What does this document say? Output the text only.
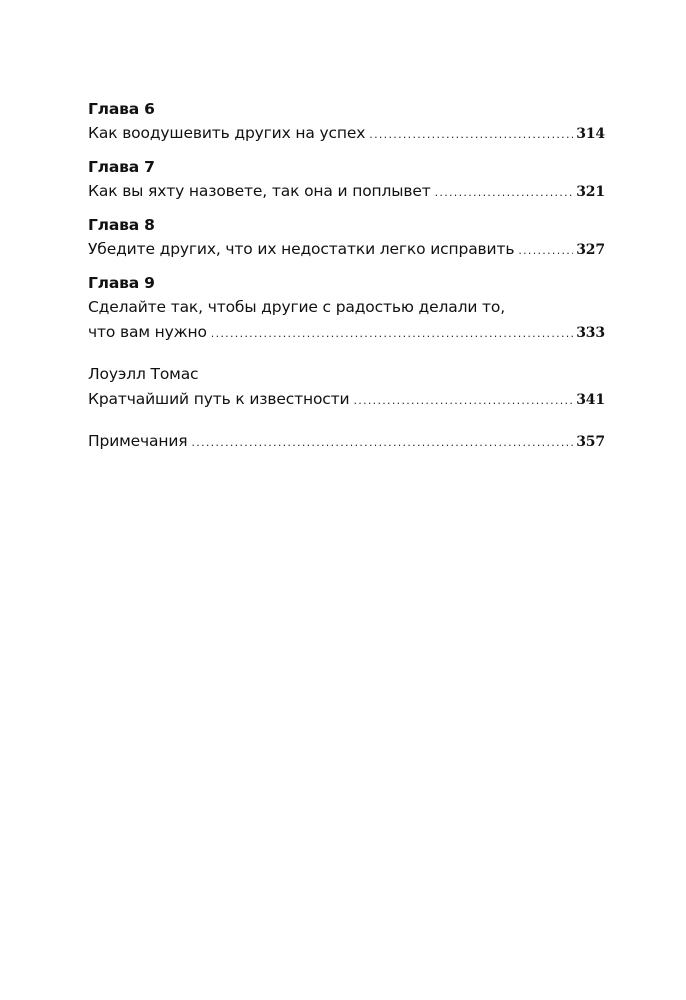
Глава 6
Как воодушевить других на успех .....	314
Глава 7
Как вы яхту назовете, так она и поплывет .....	321
Глава 8
Убедите других, что их недостатки легко исправить .....	327
Глава 9
Сделайте так, чтобы другие с радостью делали то,
что вам нужно .....	333
Лоуэлл Томас
Кратчайший путь к известности .....	341
Примечания .....	357
